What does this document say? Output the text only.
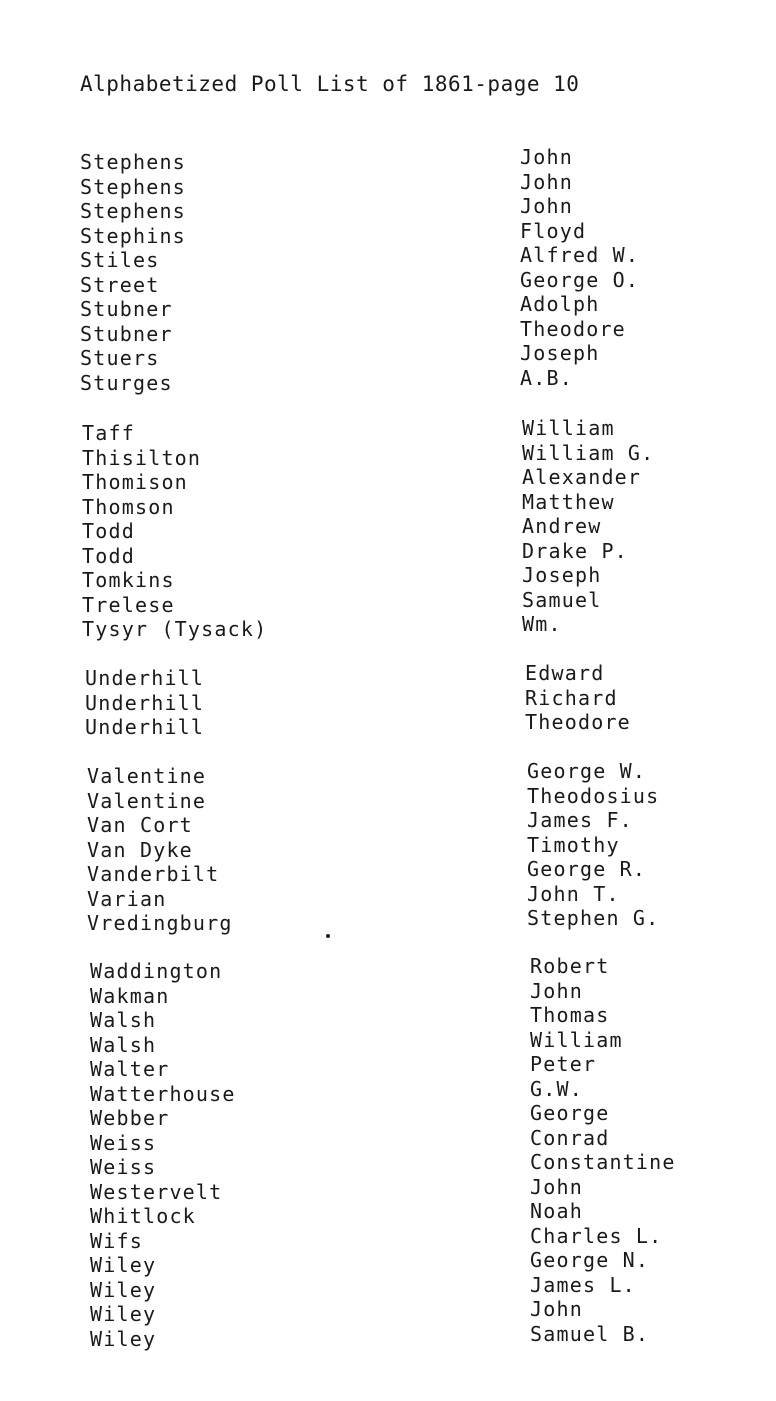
Alphabetized Poll List of 1861-page 10
Stephens	John
Stephens	John
Stephens	John
Stephins	Floyd
Stiles	Alfred W.
Street	George O.
Stubner	Adolph
Stubner	Theodore
Stuers	Joseph
Sturges	A.B.
Taff	William
Thisilton	William G.
Thomison	Alexander
Thomson	Matthew
Todd	Andrew
Todd	Drake P.
Tomkins	Joseph
Trelese	Samuel
Tysyr (Tysack)	Wm.
Underhill	Edward
Underhill	Richard
Underhill	Theodore
Valentine	George W.
Valentine	Theodosius
Van Cort	James F.
Van Dyke	Timothy
Vanderbilt	George R.
Varian	John T.
Vredingburg	Stephen G.
Waddington	Robert
Wakman	John
Walsh	Thomas
Walsh	William
Walter	Peter
Watterhouse	G.W.
Webber	George
Weiss	Conrad
Weiss	Constantine
Westervelt	John
Whitlock	Noah
Wifs	Charles L.
Wiley	George N.
Wiley	James L.
Wiley	John
Wiley	Samuel B.
